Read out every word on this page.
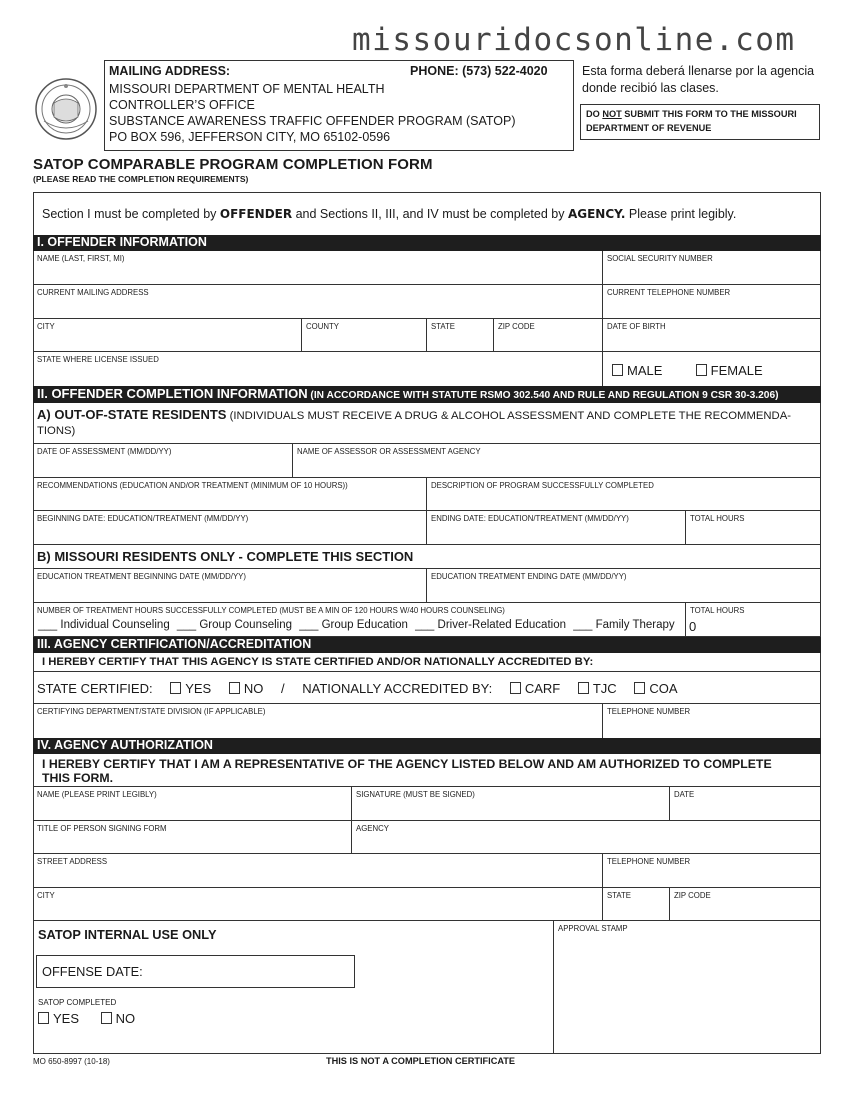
missouridocsonline.com
MAILING ADDRESS:	PHONE: (573) 522-4020
MISSOURI DEPARTMENT OF MENTAL HEALTH
CONTROLLER’S OFFICE
SUBSTANCE AWARENESS TRAFFIC OFFENDER PROGRAM (SATOP)
PO BOX 596, JEFFERSON CITY, MO 65102-0596
Esta forma deberá llenarse por la agencia donde recibió las clases.
DO NOT SUBMIT THIS FORM TO THE MISSOURI DEPARTMENT OF REVENUE
SATOP COMPARABLE PROGRAM COMPLETION FORM
(PLEASE READ THE COMPLETION REQUIREMENTS)
Section I must be completed by OFFENDER and Sections II, III, and IV must be completed by AGENCY. Please print legibly.
I. OFFENDER INFORMATION
NAME (LAST, FIRST, MI)	SOCIAL SECURITY NUMBER
CURRENT MAILING ADDRESS	CURRENT TELEPHONE NUMBER
CITY	COUNTY	STATE	ZIP CODE	DATE OF BIRTH
STATE WHERE LICENSE ISSUED
MALE	FEMALE
II. OFFENDER COMPLETION INFORMATION (IN ACCORDANCE WITH STATUTE RSMO 302.540 AND RULE AND REGULATION 9 CSR 30-3.206)
A) OUT-OF-STATE RESIDENTS (INDIVIDUALS MUST RECEIVE A DRUG & ALCOHOL ASSESSMENT AND COMPLETE THE RECOMMENDA-
TIONS)
DATE OF ASSESSMENT (MM/DD/YY)	NAME OF ASSESSOR OR ASSESSMENT AGENCY
RECOMMENDATIONS (EDUCATION AND/OR TREATMENT (MINIMUM OF 10 HOURS))	DESCRIPTION OF PROGRAM SUCCESSFULLY COMPLETED
BEGINNING DATE: EDUCATION/TREATMENT (MM/DD/YY)	ENDING DATE: EDUCATION/TREATMENT (MM/DD/YY)	TOTAL HOURS
B) MISSOURI RESIDENTS ONLY - COMPLETE THIS SECTION
EDUCATION TREATMENT BEGINNING DATE (MM/DD/YY)	EDUCATION TREATMENT ENDING DATE (MM/DD/YY)
NUMBER OF TREATMENT HOURS SUCCESSFULLY COMPLETED (MUST BE A MIN OF 120 HOURS W/40 HOURS COUNSELING)	TOTAL HOURS
0
___ Individual Counseling ___ Group Counseling ___ Group Education ___ Driver-Related Education ___ Family Therapy
III. AGENCY CERTIFICATION/ACCREDITATION
I HEREBY CERTIFY THAT THIS AGENCY IS STATE CERTIFIED AND/OR NATIONALLY ACCREDITED BY:
STATE CERTIFIED:	YES	NO / NATIONALLY ACCREDITED BY:	CARF	TJC	COA
CERTIFYING DEPARTMENT/STATE DIVISION (IF APPLICABLE)	TELEPHONE NUMBER
IV. AGENCY AUTHORIZATION
I HEREBY CERTIFY THAT I AM A REPRESENTATIVE OF THE AGENCY LISTED BELOW AND AM AUTHORIZED TO COMPLETE
THIS FORM.
NAME (PLEASE PRINT LEGIBLY)	SIGNATURE (MUST BE SIGNED)	DATE
TITLE OF PERSON SIGNING FORM	AGENCY
STREET ADDRESS	TELEPHONE NUMBER
CITY	STATE	ZIP CODE
APPROVAL STAMP
SATOP INTERNAL USE ONLY
OFFENSE DATE:
SATOP COMPLETED
YES	NO
MO 650-8997 (10-18)	THIS IS NOT A COMPLETION CERTIFICATE
